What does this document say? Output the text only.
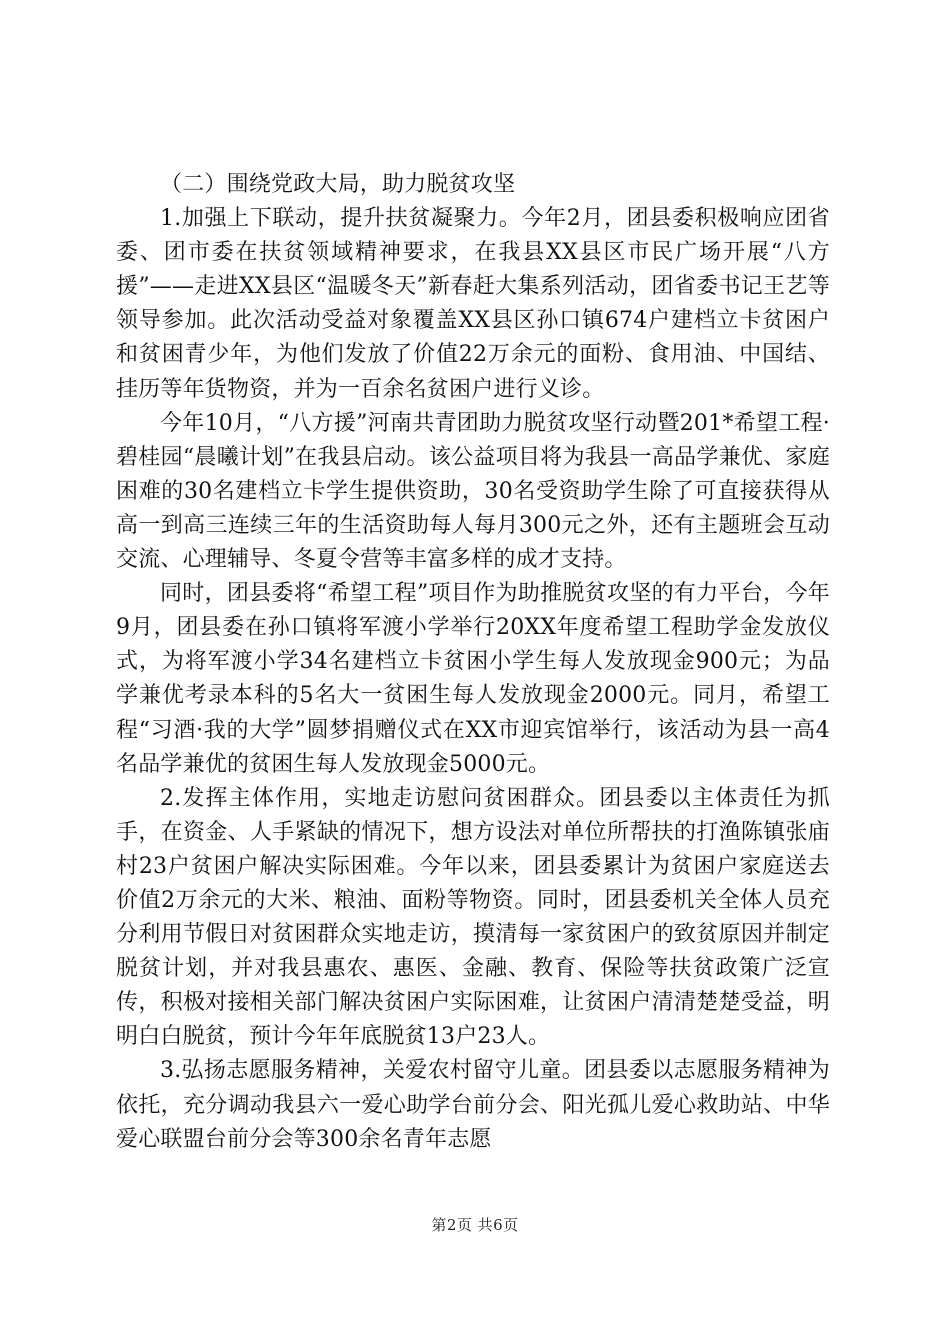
（二）围绕党政大局，助力脱贫攻坚

1.加强上下联动，提升扶贫凝聚力。今年2月，团县委积极响应团省委、团市委在扶贫领域精神要求，在我县XX县区市民广场开展“八方援”——走进XX县区“温暖冬天”新春赶大集系列活动，团省委书记王艺等领导参加。此次活动受益对象覆盖XX县区孙口镇674户建档立卡贫困户和贫困青少年，为他们发放了价值22万余元的面粉、食用油、中国结、挂历等年货物资，并为一百余名贫困户进行义诊。

今年10月，“八方援”河南共青团助力脱贫攻坚行动暨201*希望工程·碧桂园“晨曦计划”在我县启动。该公益项目将为我县一高品学兼优、家庭困难的30名建档立卡学生提供资助，30名受资助学生除了可直接获得从高一到高三连续三年的生活资助每人每月300元之外，还有主题班会互动交流、心理辅导、冬夏令营等丰富多样的成才支持。

同时，团县委将“希望工程”项目作为助推脱贫攻坚的有力平台，今年9月，团县委在孙口镇将军渡小学举行20XX年度希望工程助学金发放仪式，为将军渡小学34名建档立卡贫困小学生每人发放现金900元；为品学兼优考录本科的5名大一贫困生每人发放现金2000元。同月，希望工程“习酒·我的大学”圆梦捐赠仪式在XX市迎宾馆举行，该活动为县一高4名品学兼优的贫困生每人发放现金5000元。

2.发挥主体作用，实地走访慰问贫困群众。团县委以主体责任为抓手，在资金、人手紧缺的情况下，想方设法对单位所帮扶的打渔陈镇张庙村23户贫困户解决实际困难。今年以来，团县委累计为贫困户家庭送去价值2万余元的大米、粮油、面粉等物资。同时，团县委机关全体人员充分利用节假日对贫困群众实地走访，摸清每一家贫困户的致贫原因并制定脱贫计划，并对我县惠农、惠医、金融、教育、保险等扶贫政策广泛宣传，积极对接相关部门解决贫困户实际困难，让贫困户清清楚楚受益，明明白白脱贫，预计今年年底脱贫13户23人。

3.弘扬志愿服务精神，关爱农村留守儿童。团县委以志愿服务精神为依托，充分调动我县六一爱心助学台前分会、阳光孤儿爱心救助站、中华爱心联盟台前分会等300余名青年志愿

第2页 共6页
